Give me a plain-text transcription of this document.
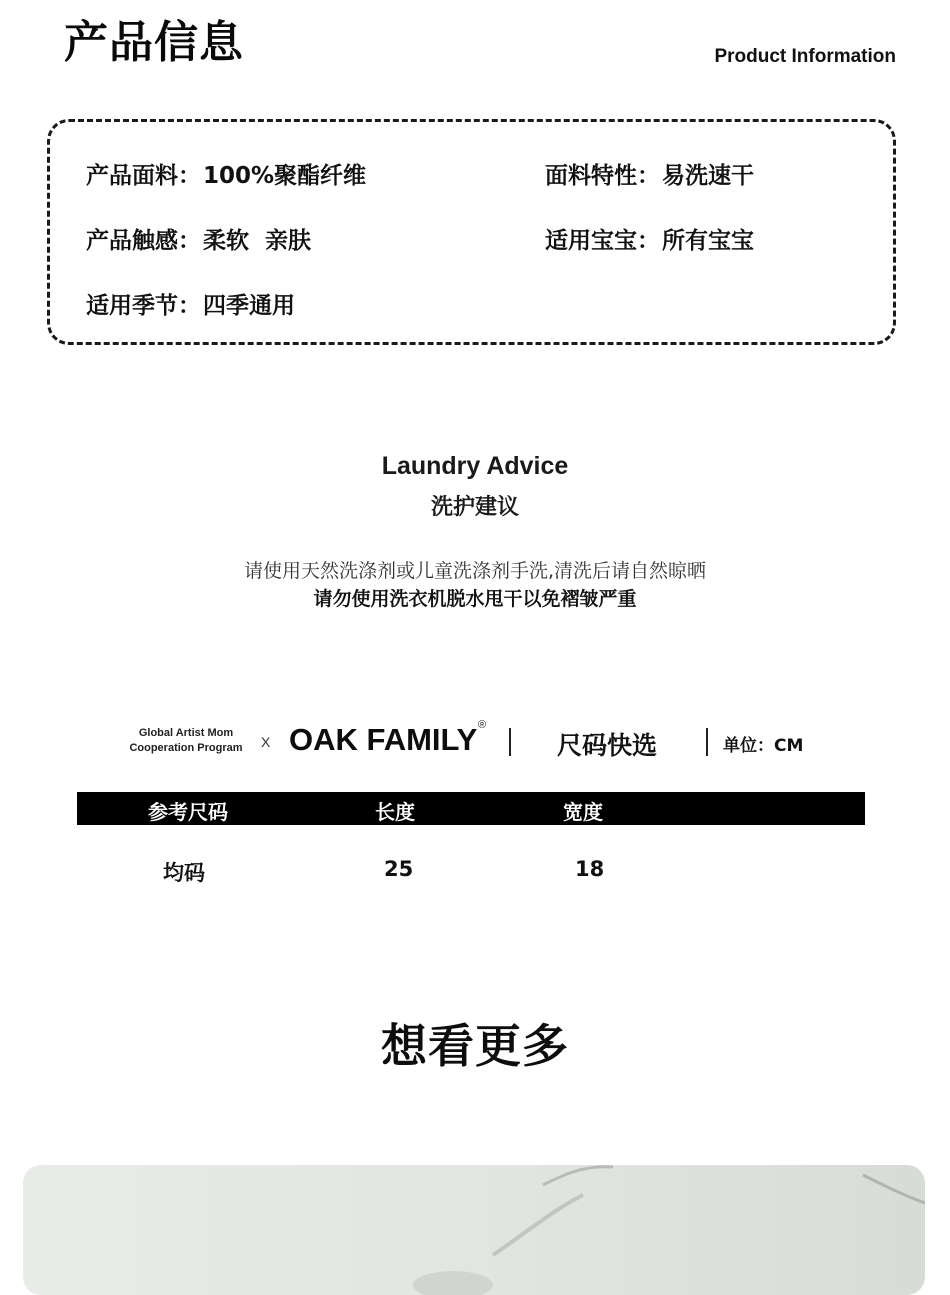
产品信息	Product Information
产品面料：100%聚酯纤维	面料特性：易洗速干
产品触感：柔软  亲肤	适用宝宝：所有宝宝
适用季节：四季通用
Laundry Advice
洗护建议
请使用天然洗涤剂或儿童洗涤剂手洗,清洗后请自然晾晒
请勿使用洗衣机脱水甩干以免褶皱严重
Global Artist Mom
Cooperation Program	X OAK FAMILY ®
尺码快选	单位：CM
参考尺码	长度	宽度
均码	25	18
想看更多
